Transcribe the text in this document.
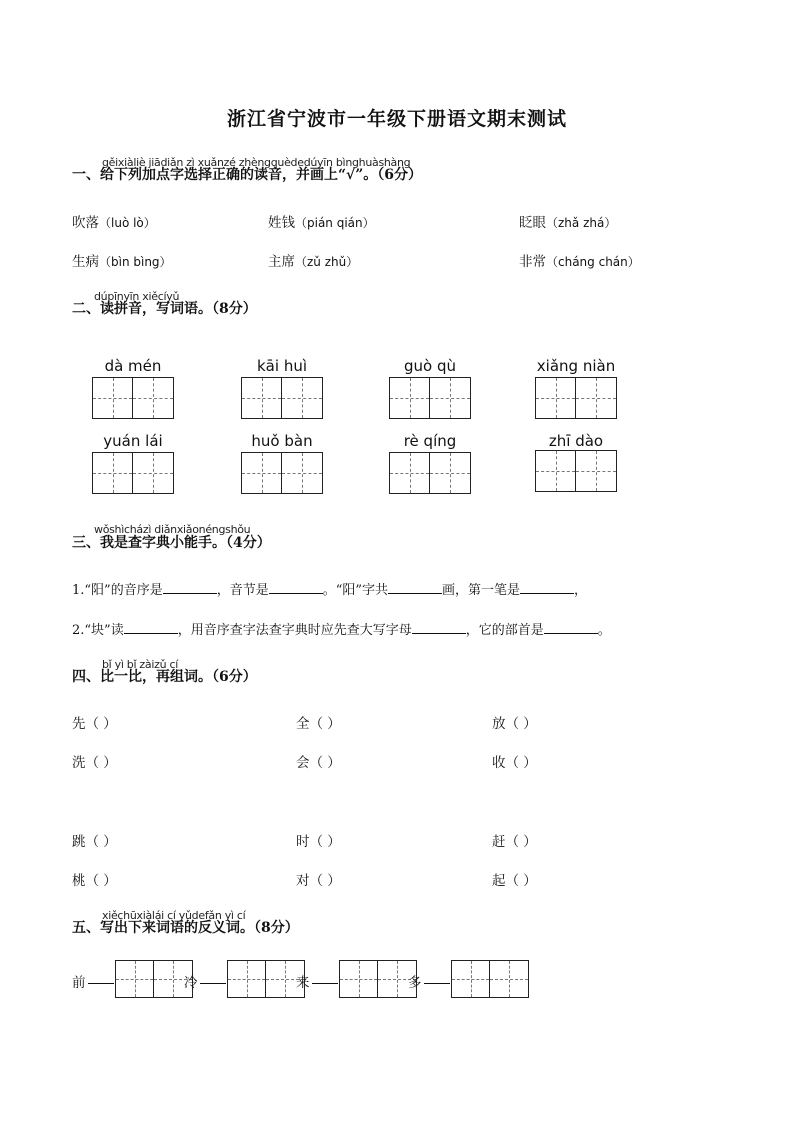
浙江省宁波市一年级下册语文期末测试
gěixiàliè jiādiǎn zì xuǎnzé zhèngquèdedúyīn bìnghuàshàng
一、给下列加点字选择正确的读音，并画上“√”。（6分）
吹落（luò lò）	姓钱（pián qián）	眨眼（zhǎ zhá）
生病（bìn bìng）	主席（zǔ zhǔ）	非常（cháng chán）
dúpīnyīn xiěcíyǔ
二、读拼音，写词语。（8分）
dà mén	kāi huì	guò qù	xiǎng niàn
yuán lái	huǒ bàn	rè qíng	zhī dào
wǒshìcházì diǎnxiǎonéngshǒu
三、我是查字典小能手。（4分）
1.“阳”的音序是	，音节是	。“阳”字共	画，第一笔是	，
2.“块”读	，用音序查字法查字典时应先查大写字母	，它的部首是	。
bǐ yì bǐ zàizǔ cí
四、比一比，再组词。（6分）
先（ ）	全（ ）	放（ ）
洗（ ）	会（ ）	收（ ）
跳（ ）	时（ ）	赶（ ）
桃（ ）	对（ ）	起（ ）
xiěchūxiàlái cí yǔdefǎn yì cí
五、写出下来词语的反义词。（8分）
前	冷	来	多
